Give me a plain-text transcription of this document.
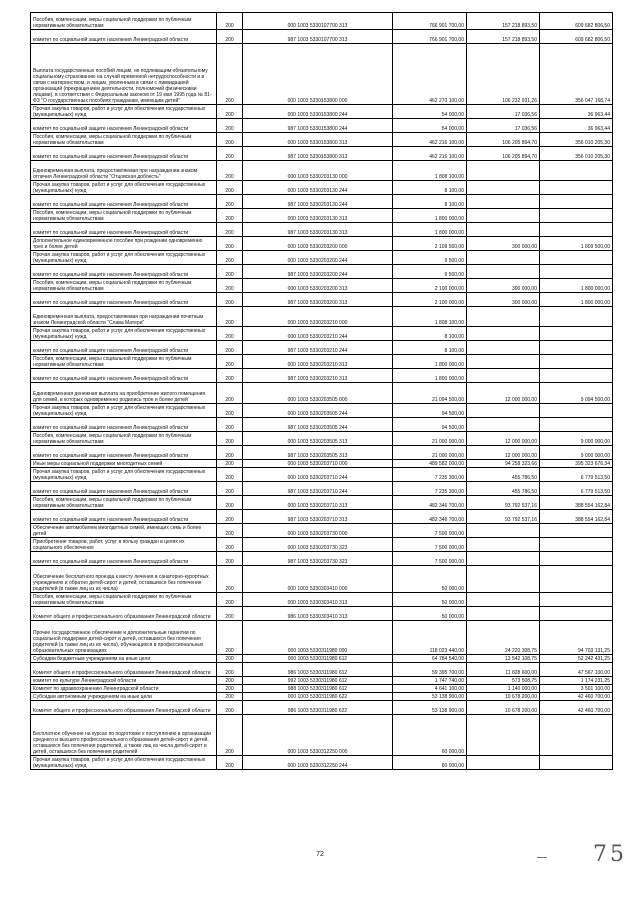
Пособия, компенсации, меры социальной поддержки по публичным нормативным обязательствам	200	000 1003 5330107700 313	766 901 700,00	157 218 893,50	609 682 806,50
комитет по социальной защите населения Ленинградской области	200	987 1003 5330107700 313	766 901 700,00	157 218 893,50	609 682 806,50
Выплата государственных пособий лицам, не подлежащим обязательному социальному страхованию на случай временной нетрудоспособности и в связи с материнством, и лицам, уволенным в связи с ликвидацией организаций (прекращением деятельности, полномочий физическими лицами), в соответствии с Федеральным законом от 19 мая 1995 года № 81-ФЗ "О государственных пособиях гражданам, имеющим детей"	200	000 1003 5330153800 000	462 270 100,00	106 232 931,26	356 047 168,74
Прочая закупка товаров, работ и услуг для обеспечения государственных (муниципальных) нужд	200	000 1003 5330153800 244	54 000,00	17 036,56	36 963,44
комитет по социальной защите населения Ленинградской области	200	987 1003 5330153800 244	54 000,00	17 036,56	36 963,44
Пособия, компенсации, меры социальной поддержки по публичным нормативным обязательствам	200	000 1003 5330153800 313	462 216 100,00	106 205 894,70	356 010 205,30
комитет по социальной защите населения Ленинградской области	200	987 1003 5330153800 313	462 216 100,00	106 205 894,70	356 010 205,30
Единовременная выплата, предоставляемая при награждении знаком отличия Ленинградской области "Отцовская доблесть"	200	000 1003 5330203130 000	1 808 100,00		
Прочая закупка товаров, работ и услуг для обеспечения государственных (муниципальных) нужд	200	000 1003 5330203130 244	8 100,00		
комитет по социальной защите населения Ленинградской области	200	987 1003 5330203130 244	8 100,00		
Пособия, компенсации, меры социальной поддержки по публичным нормативным обязательствам	200	000 1003 5330203130 313	1 800 000,00		
комитет по социальной защите населения Ленинградской области	200	987 1003 5330203130 313	1 800 000,00		
Дополнительное единовременное пособие при рождении одновременно трех и более детей	200	000 1003 5330203200 000	2 109 500,00	300 000,00	1 809 500,00
Прочая закупка товаров, работ и услуг для обеспечения государственных (муниципальных) нужд	200	000 1003 5330203200 244	9 500,00		
комитет по социальной защите населения Ленинградской области	200	987 1003 5330203200 244	9 500,00		
Пособия, компенсации, меры социальной поддержки по публичным нормативным обязательствам	200	000 1003 5330203200 313	2 100 000,00	300 000,00	1 800 000,00
комитет по социальной защите населения Ленинградской области	200	987 1003 5330203200 313	2 100 000,00	300 000,00	1 800 000,00
Единовременная выплата, предоставляемая при награждении почетным знаком Ленинградской области "Слава Матери"	200	000 1003 5330203210 000	1 808 100,00		
Прочая закупка товаров, работ и услуг для обеспечения государственных (муниципальных) нужд	200	000 1003 5330203210 244	8 100,00		
комитет по социальной защите населения Ленинградской области	200	987 1003 5330203210 244	8 100,00		
Пособия, компенсации, меры социальной поддержки по публичным нормативным обязательствам	200	000 1003 5330203210 313	1 800 000,00		
комитет по социальной защите населения Ленинградской области	200	987 1003 5330203210 313	1 800 000,00		
Единовременная денежная выплата на приобретение жилого помещения для семей, в которых одновременно родились трое и более детей	200	000 1003 5330203505 000	21 094 500,00	12 000 000,00	9 094 500,00
Прочая закупка товаров, работ и услуг для обеспечения государственных (муниципальных) нужд	200	000 1003 5330203505 244	94 500,00		
комитет по социальной защите населения Ленинградской области	200	987 1003 5330203505 244	94 500,00		
Пособия, компенсации, меры социальной поддержки по публичным нормативным обязательствам	200	000 1003 5330203505 313	21 000 000,00	12 000 000,00	9 000 000,00
комитет по социальной защите населения Ленинградской области	200	987 1003 5330203505 313	21 000 000,00	12 000 000,00	9 000 000,00
Иные меры социальной поддержки многодетных семей	200	000 1003 5330203710 000	489 582 000,00	94 258 323,66	395 323 676,34
Прочая закупка товаров, работ и услуг для обеспечения государственных (муниципальных) нужд	200	000 1003 5330203710 244	7 235 300,00	455 786,50	6 779 513,50
комитет по социальной защите населения Ленинградской области	200	987 1003 5330203710 244	7 235 300,00	455 786,50	6 779 513,50
Пособия, компенсации, меры социальной поддержки по публичным нормативным обязательствам	200	000 1003 5330203710 313	482 346 700,00	93 792 537,16	388 554 162,84
комитет по социальной защите населения Ленинградской области	200	987 1003 5330203710 313	482 346 700,00	93 792 537,16	388 554 162,84
Обеспечение автомобилем многодетных семей, имеющих семь и более детей	200	000 1003 5330203730 000	7 500 000,00		
Приобретение товаров, работ, услуг в пользу граждан в целях их социального обеспечения	200	000 1003 5330203730 323	7 500 000,00		
комитет по социальной защите населения Ленинградской области	200	987 1003 5330203730 323	7 500 000,00		
Обеспечение бесплатного проезда к месту лечения в санаторно-курортных учреждениях и обратно детей-сирот и детей, оставшихся без попечения родителей (в также лиц из их числа)	200	000 1003 5330303410 000	50 000,00		
Пособия, компенсации, меры социальной поддержки по публичным нормативным обязательствам	200	000 1003 5330303410 313	50 000,00		
Комитет общего и профессионального образования Ленинградской области	200	986 1003 5330303410 313	50 000,00		
Прочее государственное обеспечение и дополнительные гарантии по социальной поддержке детей-сирот и детей, оставшихся без попечения родителей (а также лиц из их числа), обучающихся в профессиональных образовательных организациях	200	000 1003 5330311980 000	118 023 440,00	24 220 308,75	94 703 131,25
Субсидии бюджетным учреждениям на иные цели	200	000 1003 5330311980 612	64 784 540,00	13 542 108,75	52 242 431,25
Комитет общего и профессионального образования Ленинградской области	200	986 1003 5330311980 612	59 395 700,00	11 828 600,00	47 567 100,00
комитет по культуре Ленинградской области	200	992 1003 5330311980 612	1 747 740,00	573 508,75	1 174 231,25
Комитет по здравоохранению Ленинградской области	200	988 1003 5330311980 612	4 641 100,00	1 140 000,00	3 501 100,00
Субсидии автономным учреждениям на иные цели	200	000 1003 5330311980 622	53 138 900,00	10 678 200,00	42 460 700,00
Комитет общего и профессионального образования Ленинградской области	200	986 1003 5330311980 622	53 138 900,00	10 678 200,00	42 460 700,00
Бесплатное обучение на курсах по подготовке к поступлению в организации среднего и высшего профессионального образования детей-сирот и детей, оставшихся без попечения родителей, а также лиц из числа детей-сирот и детей, оставшихся без попечения родителей	200	000 1003 5330312250 000	60 000,00		
Прочая закупка товаров, работ и услуг для обеспечения государственных (муниципальных) нужд	200	000 1003 5330312250 244	60 000,00		
72	7 5
